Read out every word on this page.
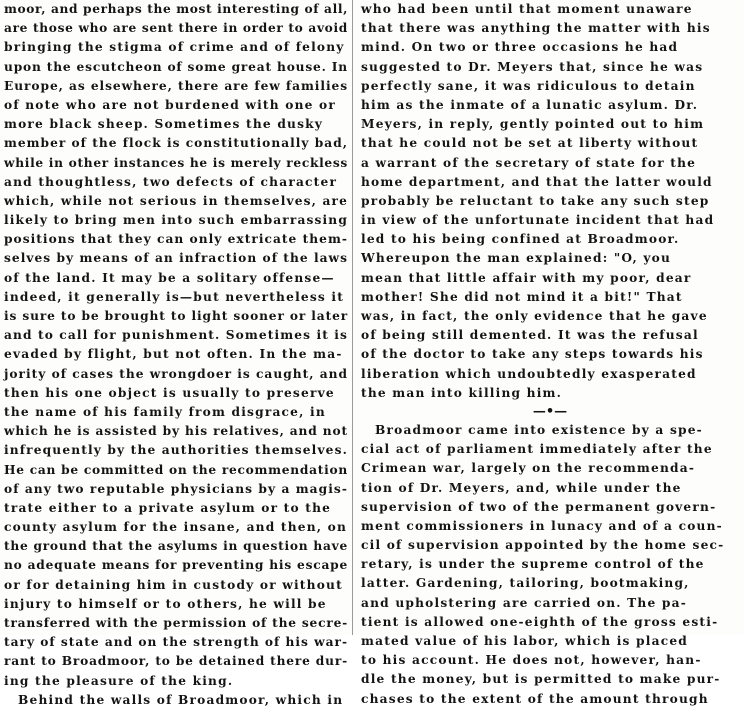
moor, and perhaps the most interesting of all,
are those who are sent there in order to avoid
bringing the stigma of crime and of felony
upon the escutcheon of some great house. In
Europe, as elsewhere, there are few families
of note who are not burdened with one or
more black sheep. Sometimes the dusky
member of the flock is constitutionally bad,
while in other instances he is merely reckless
and thoughtless, two defects of character
which, while not serious in themselves, are
likely to bring men into such embarrassing
positions that they can only extricate them-
selves by means of an infraction of the laws
of the land. It may be a solitary offense—
indeed, it generally is—but nevertheless it
is sure to be brought to light sooner or later
and to call for punishment. Sometimes it is
evaded by flight, but not often. In the ma-
jority of cases the wrongdoer is caught, and
then his one object is usually to preserve
the name of his family from disgrace, in
which he is assisted by his relatives, and not
infrequently by the authorities themselves.
He can be committed on the recommendation
of any two reputable physicians by a magis-
trate either to a private asylum or to the
county asylum for the insane, and then, on
the ground that the asylums in question have
no adequate means for preventing his escape
or for detaining him in custody or without
injury to himself or to others, he will be
transferred with the permission of the secre-
tary of state and on the strength of his war-
rant to Broadmoor, to be detained there dur-
ing the pleasure of the king.
Behind the walls of Broadmoor, which in
who had been until that moment unaware
that there was anything the matter with his
mind. On two or three occasions he had
suggested to Dr. Meyers that, since he was
perfectly sane, it was ridiculous to detain
him as the inmate of a lunatic asylum. Dr.
Meyers, in reply, gently pointed out to him
that he could not be set at liberty without
a warrant of the secretary of state for the
home department, and that the latter would
probably be reluctant to take any such step
in view of the unfortunate incident that had
led to his being confined at Broadmoor.
Whereupon the man explained: "O, you
mean that little affair with my poor, dear
mother! She did not mind it a bit!" That
was, in fact, the only evidence that he gave
of being still demented. It was the refusal
of the doctor to take any steps towards his
liberation which undoubtedly exasperated
the man into killing him.
—•—
Broadmoor came into existence by a spe-
cial act of parliament immediately after the
Crimean war, largely on the recommenda-
tion of Dr. Meyers, and, while under the
supervision of two of the permanent govern-
ment commissioners in lunacy and of a coun-
cil of supervision appointed by the home sec-
retary, is under the supreme control of the
latter. Gardening, tailoring, bootmaking,
and upholstering are carried on. The pa-
tient is allowed one-eighth of the gross esti-
mated value of his labor, which is placed
to his account. He does not, however, han-
dle the money, but is permitted to make pur-
chases to the extent of the amount through
